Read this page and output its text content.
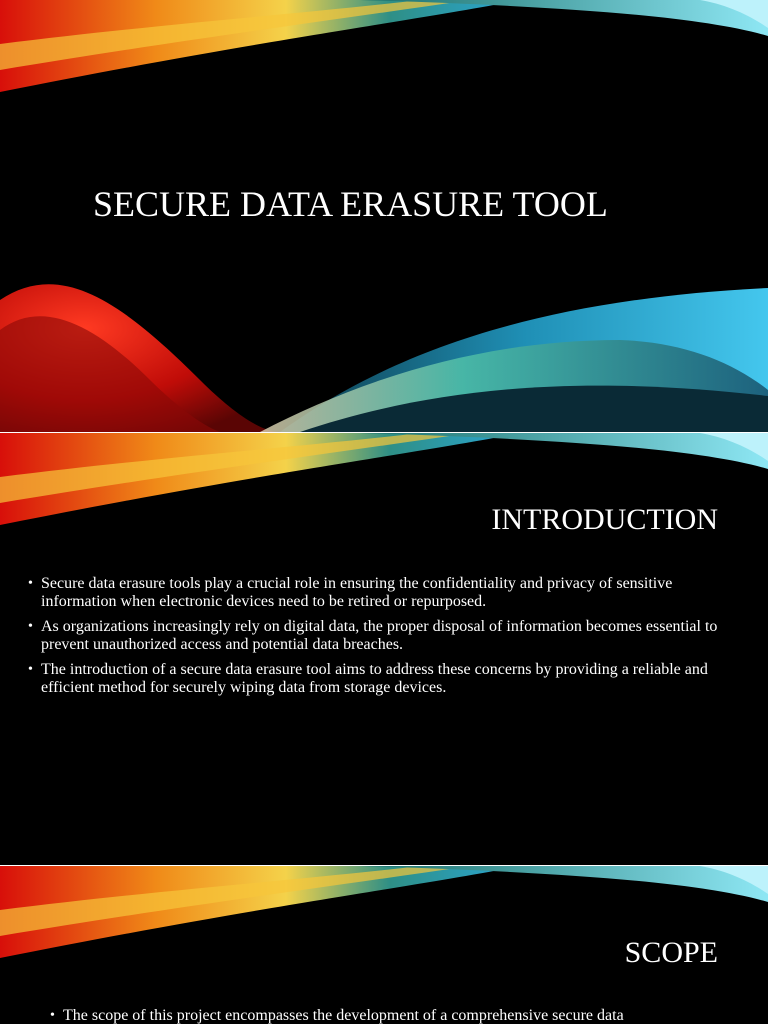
SECURE DATA ERASURE TOOL
INTRODUCTION
• Secure data erasure tools play a crucial role in ensuring the confidentiality and privacy of sensitive information when electronic devices need to be retired or repurposed.
• As organizations increasingly rely on digital data, the proper disposal of information becomes essential to prevent unauthorized access and potential data breaches.
• The introduction of a secure data erasure tool aims to address these concerns by providing a reliable and efficient method for securely wiping data from storage devices.
SCOPE
• The scope of this project encompasses the development of a comprehensive secure data
